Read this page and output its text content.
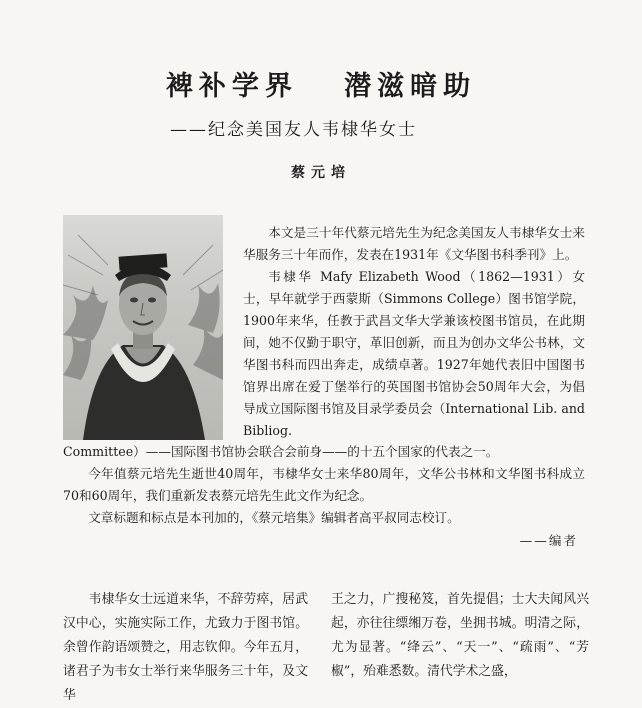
裨补学界   潜滋暗助
——纪念美国友人韦棣华女士
蔡元培

本文是三十年代蔡元培先生为纪念美国友人韦棣华女士来华服务三十年而作，发表在1931年《文华图书科季刊》上。

韦棣华 Mafy Elizabeth Wood（1862—1931）女士，早年就学于西蒙斯（Simmons College）图书馆学院，1900年来华，任教于武昌文华大学兼该校图书馆员，在此期间，她不仅勤于职守，革旧创新，而且为创办文华公书林，文华图书科而四出奔走，成绩卓著。1927年她代表旧中国图书馆界出席在爱丁堡举行的英国图书馆协会50周年大会，为倡导成立国际图书馆及目录学委员会（International Lib. and Bibliog.

Committee）——国际图书馆协会联合会前身——的十五个国家的代表之一。

今年值蔡元培先生逝世40周年，韦棣华女士来华80周年，文华公书林和文华图书科成立70和60周年，我们重新发表蔡元培先生此文作为纪念。

文章标题和标点是本刊加的，《蔡元培集》编辑者高平叔同志校订。

——编者

韦棣华女士远道来华，不辞劳瘁，居武汉中心，实施实际工作，尤致力于图书馆。余曾作韵语颂赞之，用志钦仰。今年五月，诸君子为韦女士举行来华服务三十年，及文华

王之力，广搜秘笈，首先提倡；士大夫闻风兴起，亦往往缥缃万卷，坐拥书城。明清之际，尤为显著。“绛云”、“天一”、“疏雨”、“芳椒”，殆难悉数。清代学术之盛，
